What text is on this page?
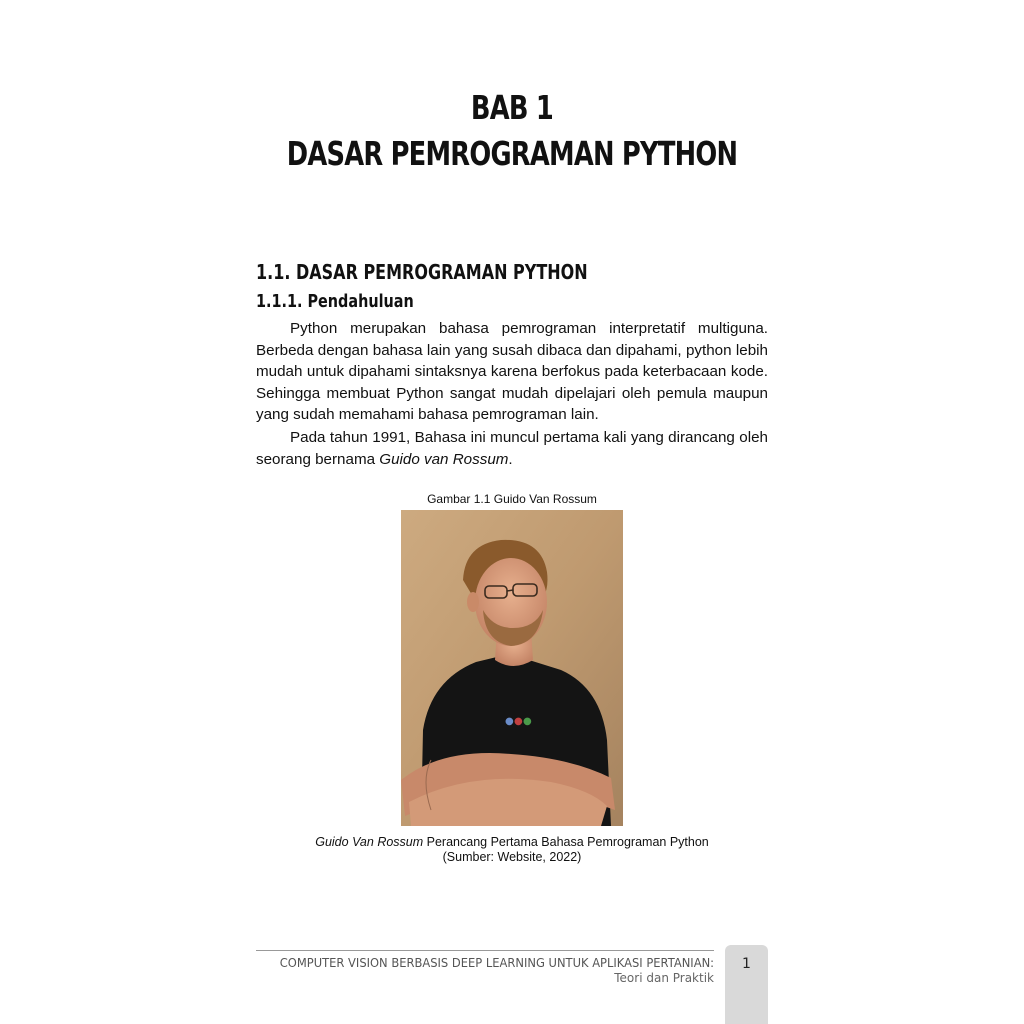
BAB 1
DASAR PEMROGRAMAN PYTHON
1.1. DASAR PEMROGRAMAN PYTHON
1.1.1. Pendahuluan

Python merupakan bahasa pemrograman interpretatif multiguna. Berbeda dengan bahasa lain yang susah dibaca dan dipahami, python lebih mudah untuk dipahami sintaksnya karena berfokus pada keterbacaan kode. Sehingga membuat Python sangat mudah dipelajari oleh pemula maupun yang sudah memahami bahasa pemrograman lain.

Pada tahun 1991, Bahasa ini muncul pertama kali yang dirancang oleh seorang bernama Guido van Rossum.

Gambar 1.1 Guido Van Rossum
● ● ●
Guido Van Rossum Perancang Pertama Bahasa Pemrograman Python
(Sumber: Website, 2022)
COMPUTER VISION BERBASIS DEEP LEARNING UNTUK APLIKASI PERTANIAN:
Teori dan Praktik
1
